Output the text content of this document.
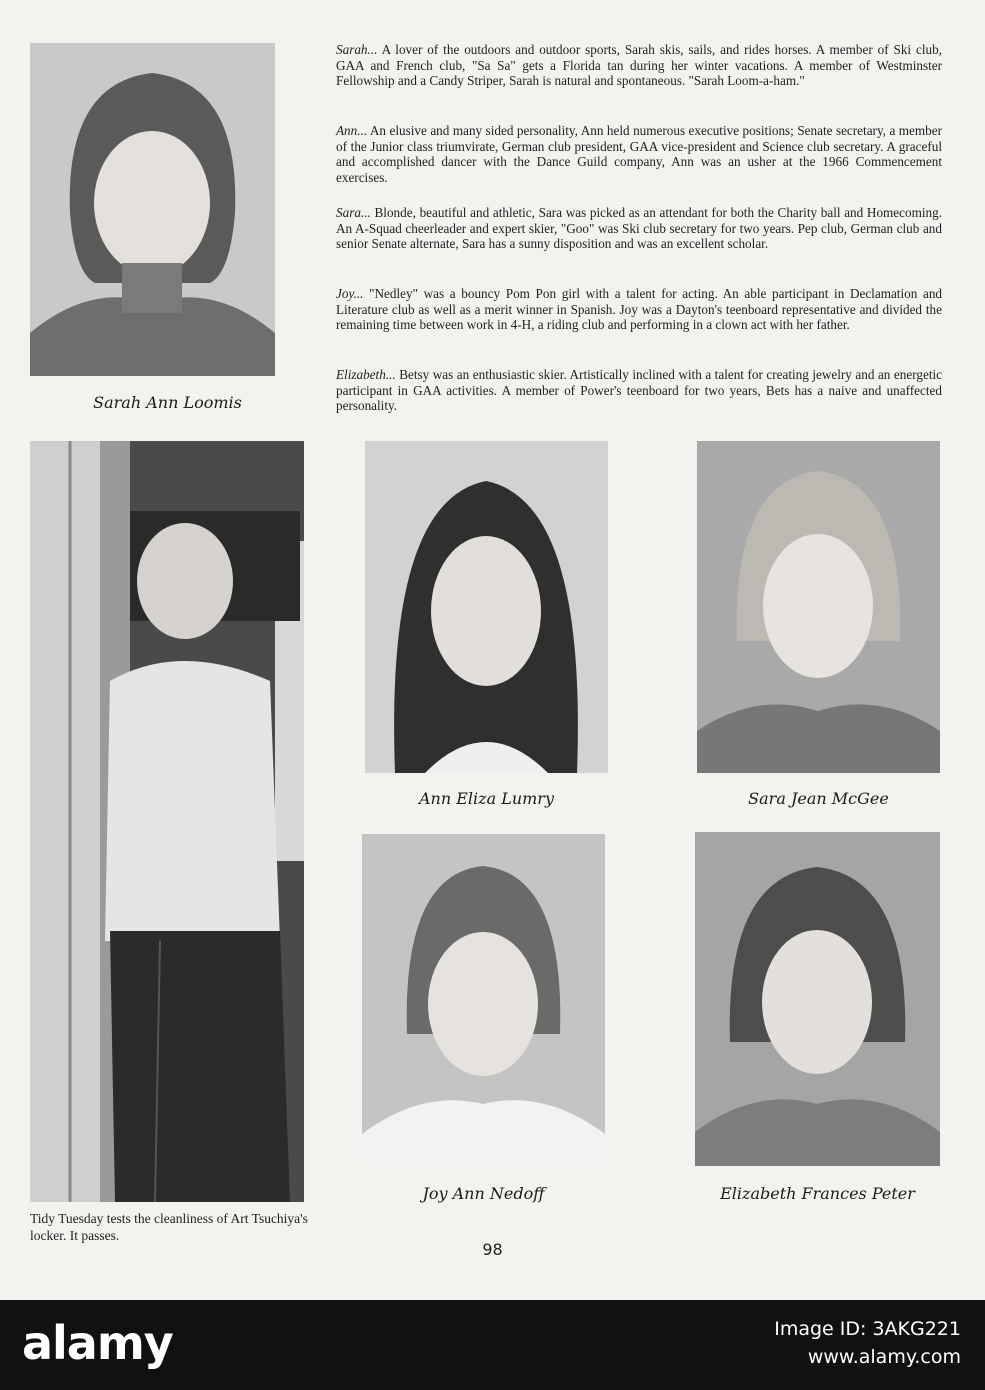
Sarah Ann Loomis
Sarah... A lover of the outdoors and outdoor sports, Sarah skis, sails, and rides horses. A member of Ski club, GAA and French club, "Sa Sa" gets a Florida tan during her winter vacations. A member of Westminster Fellowship and a Candy Striper, Sarah is natural and spontaneous. "Sarah Loom-a-ham."
Ann... An elusive and many sided personality, Ann held numerous executive positions; Senate secretary, a member of the Junior class triumvirate, German club president, GAA vice-president and Science club secretary. A graceful and accomplished dancer with the Dance Guild company, Ann was an usher at the 1966 Commencement exercises.
Sara... Blonde, beautiful and athletic, Sara was picked as an attendant for both the Charity ball and Homecoming. An A-Squad cheerleader and expert skier, "Goo" was Ski club secretary for two years. Pep club, German club and senior Senate alternate, Sara has a sunny disposition and was an excellent scholar.
Joy... "Nedley" was a bouncy Pom Pon girl with a talent for acting. An able participant in Declamation and Literature club as well as a merit winner in Spanish. Joy was a Dayton's teenboard representative and divided the remaining time between work in 4-H, a riding club and performing in a clown act with her father.
Elizabeth... Betsy was an enthusiastic skier. Artistically inclined with a talent for creating jewelry and an energetic participant in GAA activities. A member of Power's teenboard for two years, Bets has a naive and unaffected personality.
Tidy Tuesday tests the cleanliness of Art Tsuchiya's locker. It passes.
Ann Eliza Lumry	Sara Jean McGee
Joy Ann Nedoff	Elizabeth Frances Peter
98
alamy	Image ID: 3AKG221
www.alamy.com
